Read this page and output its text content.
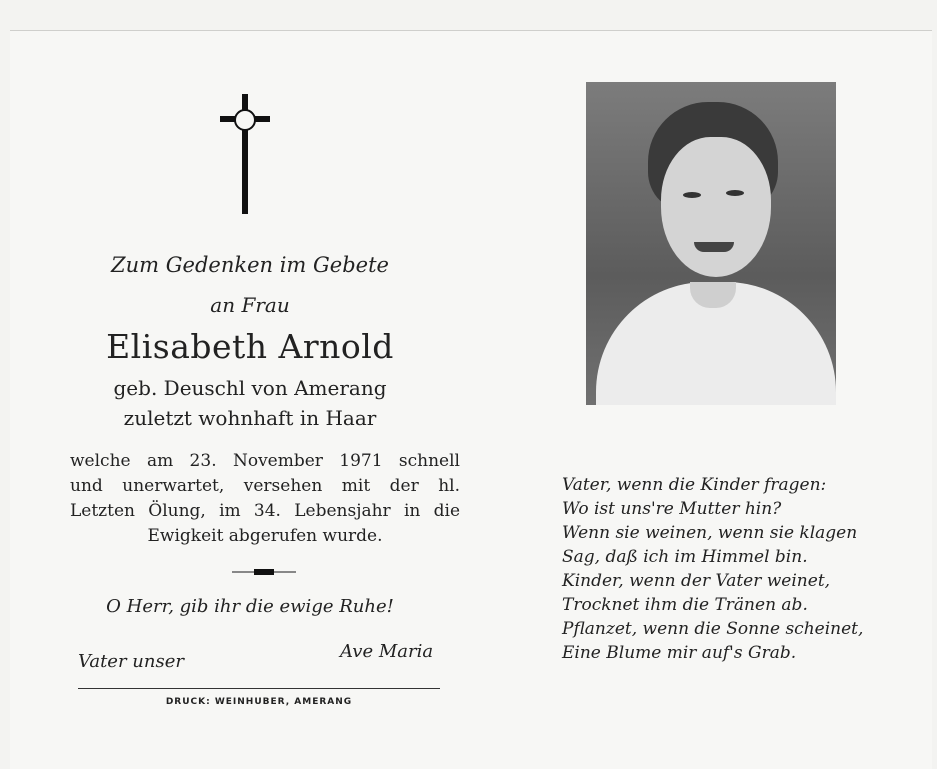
Zum Gedenken im Gebete
an Frau
Elisabeth Arnold
geb. Deuschl von Amerang
zuletzt wohnhaft in Haar
welche am 23. November 1971 schnell
und unerwartet, versehen mit der hl.
Letzten Ölung, im 34. Lebensjahr in die
Ewigkeit abgerufen wurde.
O Herr, gib ihr die ewige Ruhe!
Vater unser	Ave Maria
DRUCK: WEINHUBER, AMERANG
Vater, wenn die Kinder fragen:
Wo ist uns're Mutter hin?
Wenn sie weinen, wenn sie klagen
Sag, daß ich im Himmel bin.
Kinder, wenn der Vater weinet,
Trocknet ihm die Tränen ab.
Pflanzet, wenn die Sonne scheinet,
Eine Blume mir auf's Grab.
